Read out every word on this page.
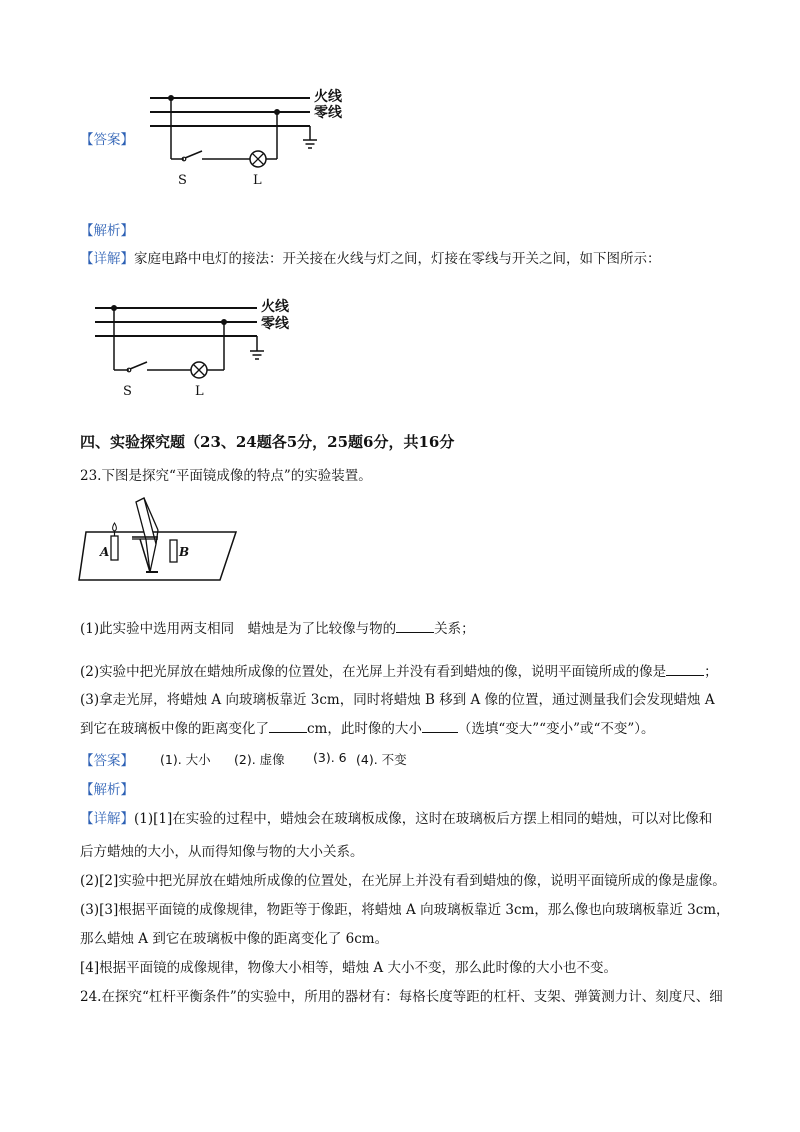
【答案】
火线
零线
S	L
【解析】
【详解】家庭电路中电灯的接法：开关接在火线与灯之间，灯接在零线与开关之间，如下图所示：
火线
零线
S	L
四、实验探究题（23、24题各5分，25题6分，共16分
23.下图是探究“平面镜成像的特点”的实验装置。
A	B
(1)此实验中选用两支相同　蜡烛是为了比较像与物的	关系；
(2)实验中把光屏放在蜡烛所成像的位置处，在光屏上并没有看到蜡烛的像，说明平面镜所成的像是	；
(3)拿走光屏，将蜡烛 A 向玻璃板靠近 3cm，同时将蜡烛 B 移到 A 像的位置，通过测量我们会发现蜡烛 A
到它在玻璃板中像的距离变化了	cm，此时像的大小	（选填“变大”“变小”或“不变”）。
【答案】 (1). 大小 (2). 虚像 (3). 6 (4). 不变
【解析】
【详解】(1)[1]在实验的过程中，蜡烛会在玻璃板成像，这时在玻璃板后方摆上相同的蜡烛，可以对比像和
后方蜡烛的大小，从而得知像与物的大小关系。
(2)[2]实验中把光屏放在蜡烛所成像的位置处，在光屏上并没有看到蜡烛的像，说明平面镜所成的像是虚像。
(3)[3]根据平面镜的成像规律，物距等于像距，将蜡烛 A 向玻璃板靠近 3cm，那么像也向玻璃板靠近 3cm，
那么蜡烛 A 到它在玻璃板中像的距离变化了 6cm。
[4]根据平面镜的成像规律，物像大小相等，蜡烛 A 大小不变，那么此时像的大小也不变。
24.在探究“杠杆平衡条件”的实验中，所用的器材有：每格长度等距的杠杆、支架、弹簧测力计、刻度尺、细
